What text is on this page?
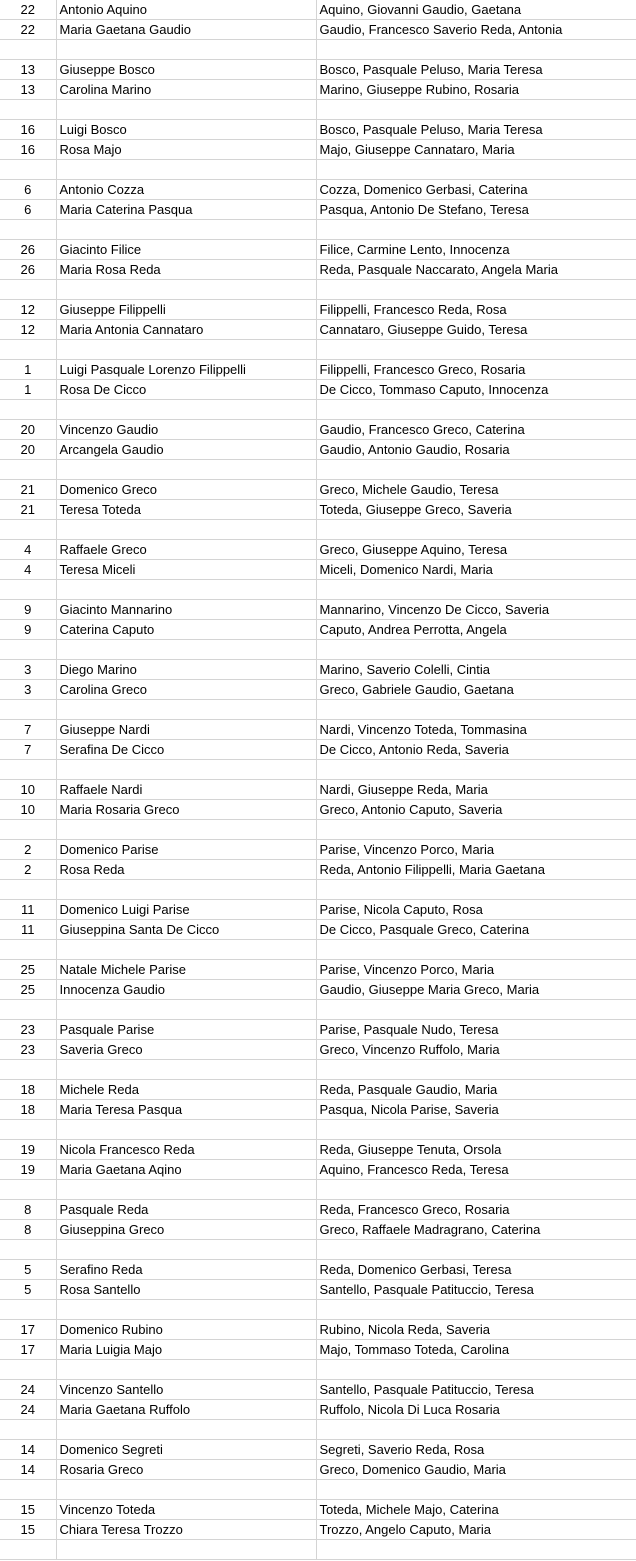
22	Antonio Aquino	Aquino, Giovanni Gaudio, Gaetana
22	Maria Gaetana Gaudio	Gaudio, Francesco Saverio Reda, Antonia

13	Giuseppe Bosco	Bosco, Pasquale Peluso, Maria Teresa
13	Carolina Marino	Marino, Giuseppe Rubino, Rosaria

16	Luigi Bosco	Bosco, Pasquale Peluso, Maria Teresa
16	Rosa Majo	Majo, Giuseppe Cannataro, Maria

6	Antonio Cozza	Cozza, Domenico Gerbasi, Caterina
6	Maria Caterina Pasqua	Pasqua, Antonio De Stefano, Teresa

26	Giacinto Filice	Filice, Carmine Lento, Innocenza
26	Maria Rosa Reda	Reda, Pasquale Naccarato, Angela Maria

12	Giuseppe Filippelli	Filippelli, Francesco Reda, Rosa
12	Maria Antonia Cannataro	Cannataro, Giuseppe Guido, Teresa

1	Luigi Pasquale Lorenzo Filippelli	Filippelli, Francesco Greco, Rosaria
1	Rosa De Cicco	De Cicco, Tommaso Caputo, Innocenza

20	Vincenzo Gaudio	Gaudio, Francesco Greco, Caterina
20	Arcangela Gaudio	Gaudio, Antonio Gaudio, Rosaria

21	Domenico Greco	Greco, Michele Gaudio, Teresa
21	Teresa Toteda	Toteda, Giuseppe Greco, Saveria

4	Raffaele Greco	Greco, Giuseppe Aquino, Teresa
4	Teresa Miceli	Miceli, Domenico Nardi, Maria

9	Giacinto Mannarino	Mannarino, Vincenzo De Cicco, Saveria
9	Caterina Caputo	Caputo, Andrea Perrotta, Angela

3	Diego Marino	Marino, Saverio Colelli, Cintia
3	Carolina Greco	Greco, Gabriele Gaudio, Gaetana

7	Giuseppe Nardi	Nardi, Vincenzo Toteda, Tommasina
7	Serafina De Cicco	De Cicco, Antonio Reda, Saveria

10	Raffaele Nardi	Nardi, Giuseppe Reda, Maria
10	Maria Rosaria Greco	Greco, Antonio Caputo, Saveria

2	Domenico Parise	Parise, Vincenzo Porco, Maria
2	Rosa Reda	Reda, Antonio Filippelli, Maria Gaetana

11	Domenico Luigi Parise	Parise, Nicola Caputo, Rosa
11	Giuseppina Santa De Cicco	De Cicco, Pasquale Greco, Caterina

25	Natale Michele Parise	Parise, Vincenzo Porco, Maria
25	Innocenza Gaudio	Gaudio, Giuseppe Maria Greco, Maria

23	Pasquale Parise	Parise, Pasquale Nudo, Teresa
23	Saveria Greco	Greco, Vincenzo Ruffolo, Maria

18	Michele Reda	Reda, Pasquale Gaudio, Maria
18	Maria Teresa Pasqua	Pasqua, Nicola Parise, Saveria

19	Nicola Francesco Reda	Reda, Giuseppe Tenuta, Orsola
19	Maria Gaetana Aqino	Aquino, Francesco Reda, Teresa

8	Pasquale Reda	Reda, Francesco Greco, Rosaria
8	Giuseppina Greco	Greco, Raffaele Madragrano, Caterina

5	Serafino Reda	Reda, Domenico Gerbasi, Teresa
5	Rosa Santello	Santello, Pasquale Patituccio, Teresa

17	Domenico Rubino	Rubino, Nicola Reda, Saveria
17	Maria Luigia Majo	Majo, Tommaso Toteda, Carolina

24	Vincenzo Santello	Santello, Pasquale Patituccio, Teresa
24	Maria Gaetana Ruffolo	Ruffolo, Nicola Di Luca Rosaria

14	Domenico Segreti	Segreti, Saverio Reda, Rosa
14	Rosaria Greco	Greco, Domenico Gaudio, Maria

15	Vincenzo Toteda	Toteda, Michele Majo, Caterina
15	Chiara Teresa Trozzo	Trozzo, Angelo Caputo, Maria
